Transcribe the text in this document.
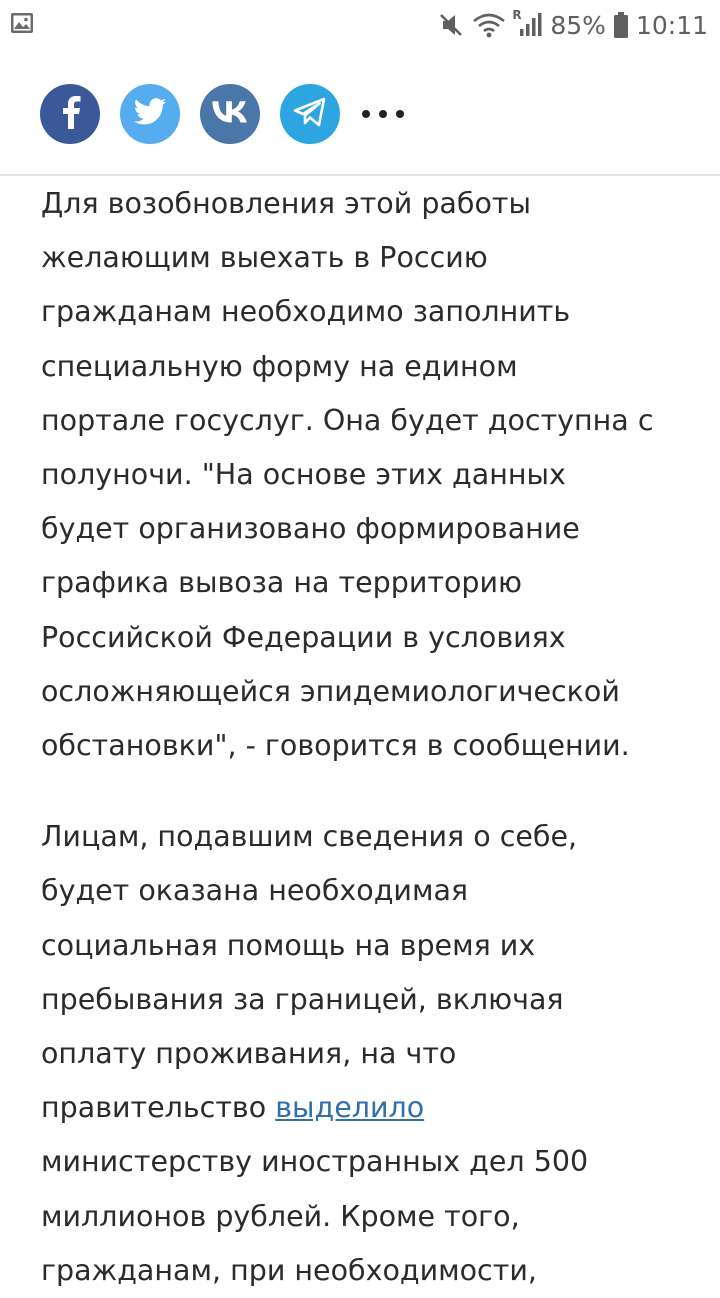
R 85% 10:11

Для возобновления этой работы
желающим выехать в Россию
гражданам необходимо заполнить
специальную форму на едином
портале госуслуг. Она будет доступна с
полуночи. "На основе этих данных
будет организовано формирование
графика вывоза на территорию
Российской Федерации в условиях
осложняющейся эпидемиологической
обстановки", - говорится в сообщении.

Лицам, подавшим сведения о себе,
будет оказана необходимая
социальная помощь на время их
пребывания за границей, включая
оплату проживания, на что
правительство выделило
министерству иностранных дел 500
миллионов рублей. Кроме того,
гражданам, при необходимости,
